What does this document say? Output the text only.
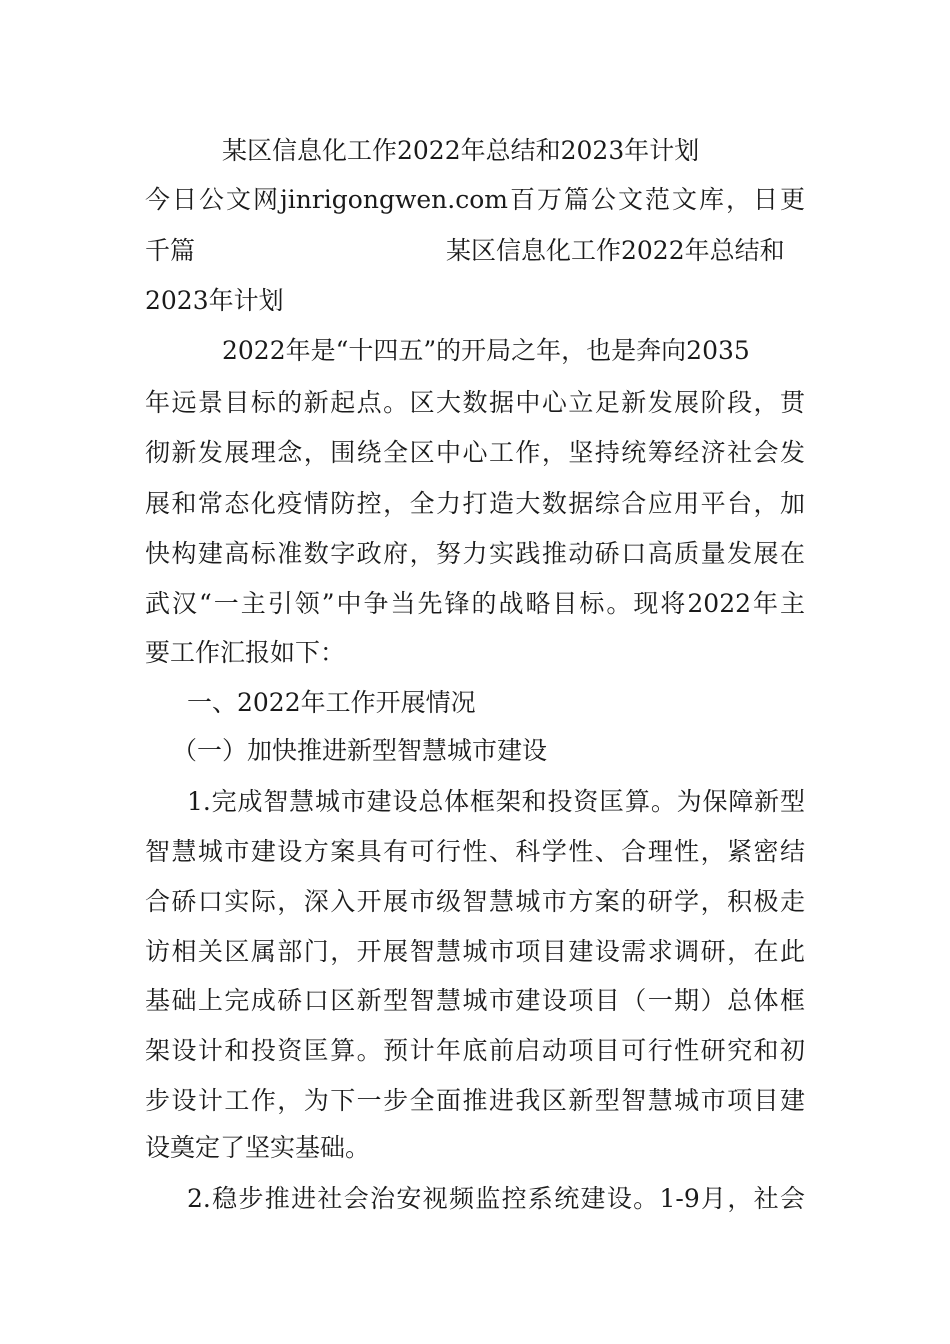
某区信息化工作2022年总结和2023年计划
今日公文网jinrigongwen.com百万篇公文范文库，日更
千篇	某区信息化工作2022年总结和
2023年计划
2022年是“十四五”的开局之年，也是奔向2035
年远景目标的新起点。区大数据中心立足新发展阶段，贯
彻新发展理念，围绕全区中心工作，坚持统筹经济社会发
展和常态化疫情防控，全力打造大数据综合应用平台，加
快构建高标准数字政府，努力实践推动硚口高质量发展在
武汉“一主引领”中争当先锋的战略目标。现将2022年主
要工作汇报如下：
一、2022年工作开展情况
（一）加快推进新型智慧城市建设
1.完成智慧城市建设总体框架和投资匡算。为保障新型
智慧城市建设方案具有可行性、科学性、合理性，紧密结
合硚口实际，深入开展市级智慧城市方案的研学，积极走
访相关区属部门，开展智慧城市项目建设需求调研，在此
基础上完成硚口区新型智慧城市建设项目（一期）总体框
架设计和投资匡算。预计年底前启动项目可行性研究和初
步设计工作，为下一步全面推进我区新型智慧城市项目建
设奠定了坚实基础。
2.稳步推进社会治安视频监控系统建设。1-9月，社会
